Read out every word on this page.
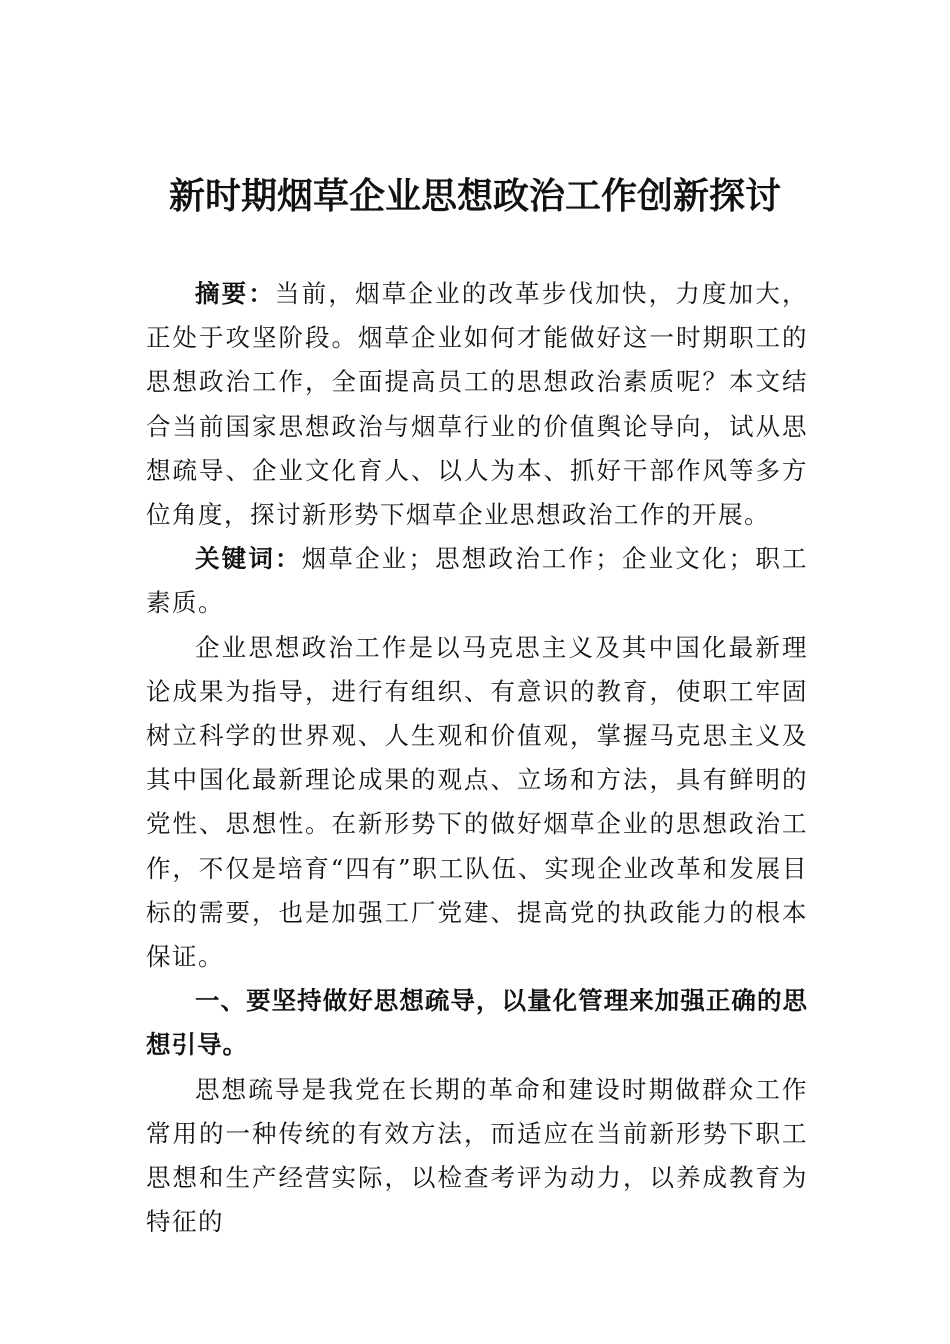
新时期烟草企业思想政治工作创新探讨

摘要：当前，烟草企业的改革步伐加快，力度加大，正处于攻坚阶段。烟草企业如何才能做好这一时期职工的思想政治工作，全面提高员工的思想政治素质呢？本文结合当前国家思想政治与烟草行业的价值舆论导向，试从思想疏导、企业文化育人、以人为本、抓好干部作风等多方位角度，探讨新形势下烟草企业思想政治工作的开展。

关键词：烟草企业；思想政治工作；企业文化；职工素质。

企业思想政治工作是以马克思主义及其中国化最新理论成果为指导，进行有组织、有意识的教育，使职工牢固树立科学的世界观、人生观和价值观，掌握马克思主义及其中国化最新理论成果的观点、立场和方法，具有鲜明的党性、思想性。在新形势下的做好烟草企业的思想政治工作，不仅是培育“四有”职工队伍、实现企业改革和发展目标的需要，也是加强工厂党建、提高党的执政能力的根本保证。

一、要坚持做好思想疏导，以量化管理来加强正确的思想引导。

思想疏导是我党在长期的革命和建设时期做群众工作常用的一种传统的有效方法，而适应在当前新形势下职工思想和生产经营实际，以检查考评为动力，以养成教育为特征的
